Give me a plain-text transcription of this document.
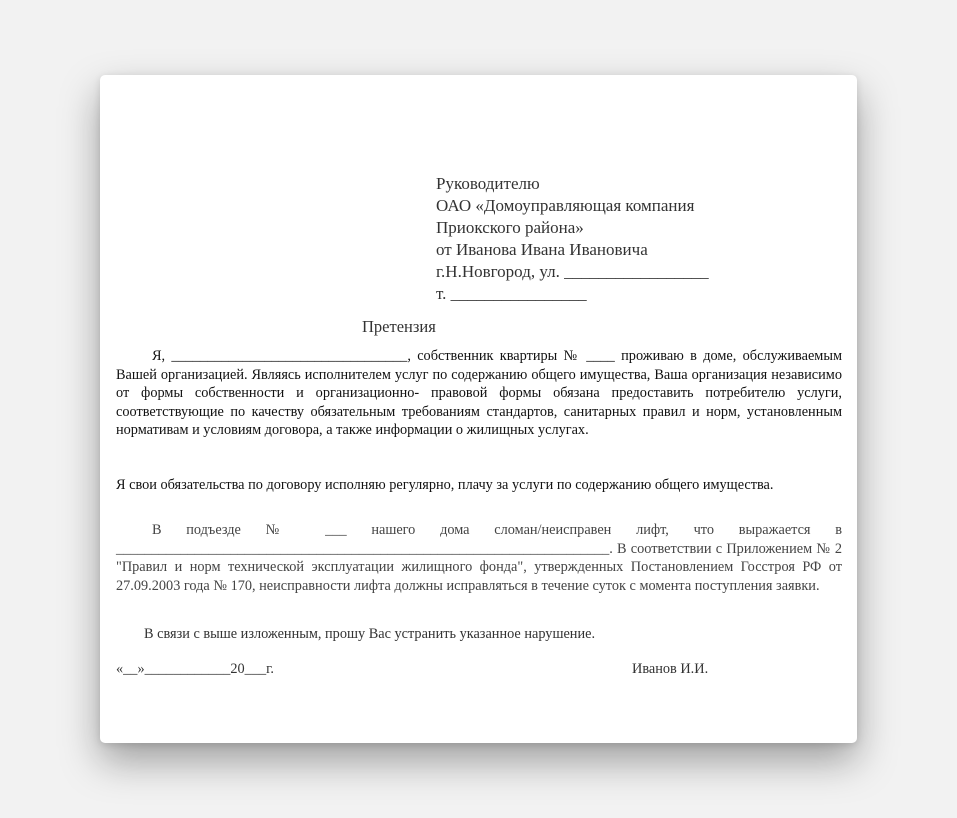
Руководителю
ОАО «Домоуправляющая компания
Приокского района»
от Иванова Ивана Ивановича
г.Н.Новгород, ул. _________________
т. ________________
Претензия
Я, _________________________________, собственник квартиры № ____ проживаю в доме, обслуживаемым Вашей организацией. Являясь исполнителем услуг по содержанию общего имущества, Ваша организация независимо от формы собственности и организационно- правовой формы обязана предоставить потребителю услуги, соответствующие по качеству обязательным требованиям стандартов, санитарных правил и норм, установленным нормативам и условиям договора, а также информации о жилищных услугах.
Я свои обязательства по договору исполняю регулярно, плачу за услуги по содержанию общего имущества.
В подъезде № ___ нашего дома сломан/неисправен лифт, что выражается в _____________________________________________________________________. В соответствии с Приложением № 2 "Правил и норм технической эксплуатации жилищного фонда", утвержденных Постановлением Госстроя РФ от 27.09.2003 года № 170, неисправности лифта должны исправляться в течение суток с момента поступления заявки.
В связи с выше изложенным, прошу Вас устранить указанное нарушение.
«__»____________20___г.	Иванов И.И.
